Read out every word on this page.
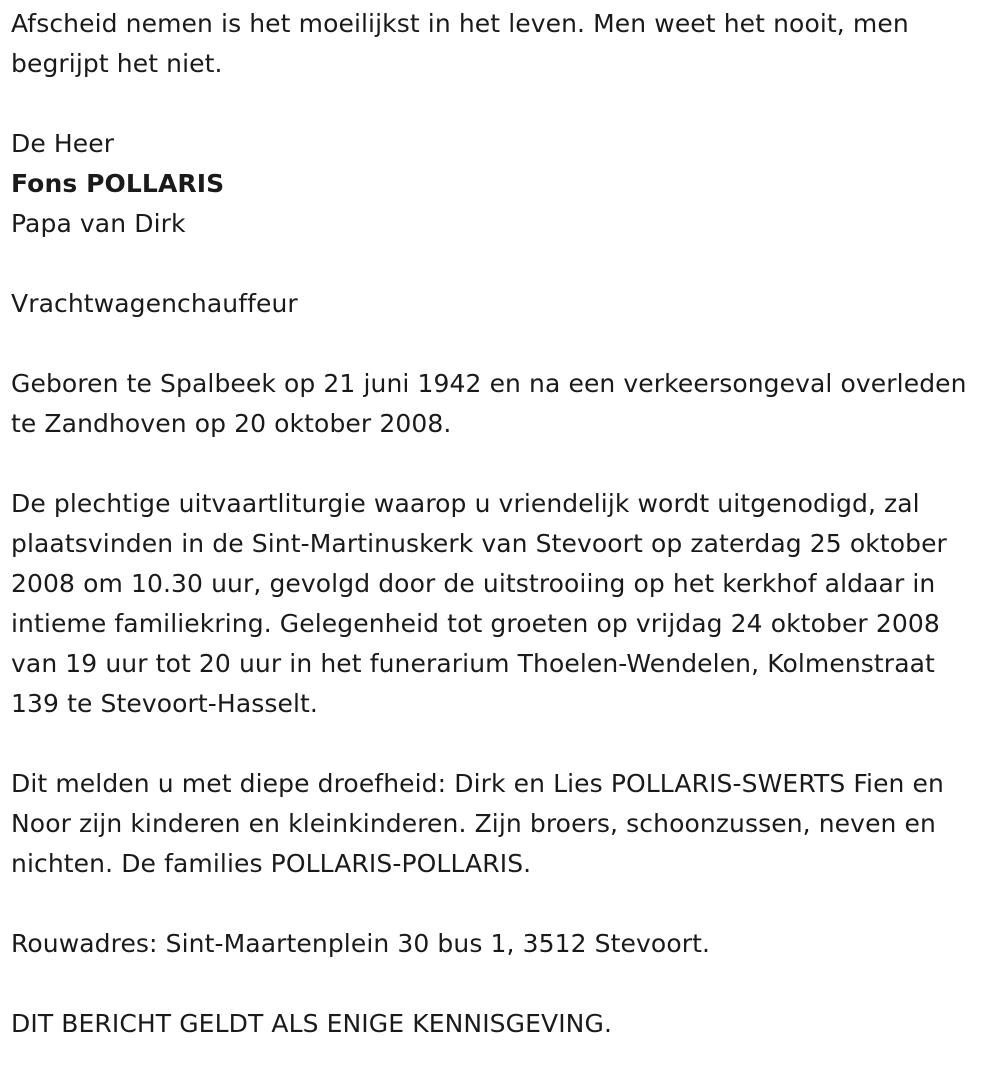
Afscheid nemen is het moeilijkst in het leven. Men weet het nooit, men begrijpt het niet.

De Heer

Fons POLLARIS

Papa van Dirk

Vrachtwagenchauffeur

Geboren te Spalbeek op 21 juni 1942 en na een verkeersongeval overleden te Zandhoven op 20 oktober 2008.

De plechtige uitvaartliturgie waarop u vriendelijk wordt uitgenodigd, zal plaatsvinden in de Sint-Martinuskerk van Stevoort op zaterdag 25 oktober 2008 om 10.30 uur, gevolgd door de uitstrooiing op het kerkhof aldaar in intieme familiekring. Gelegenheid tot groeten op vrijdag 24 oktober 2008 van 19 uur tot 20 uur in het funerarium Thoelen-Wendelen, Kolmenstraat 139 te Stevoort-Hasselt.

Dit melden u met diepe droefheid: Dirk en Lies POLLARIS-SWERTS Fien en Noor zijn kinderen en kleinkinderen. Zijn broers, schoonzussen, neven en nichten. De families POLLARIS-POLLARIS.

Rouwadres: Sint-Maartenplein 30 bus 1, 3512 Stevoort.

DIT BERICHT GELDT ALS ENIGE KENNISGEVING.
